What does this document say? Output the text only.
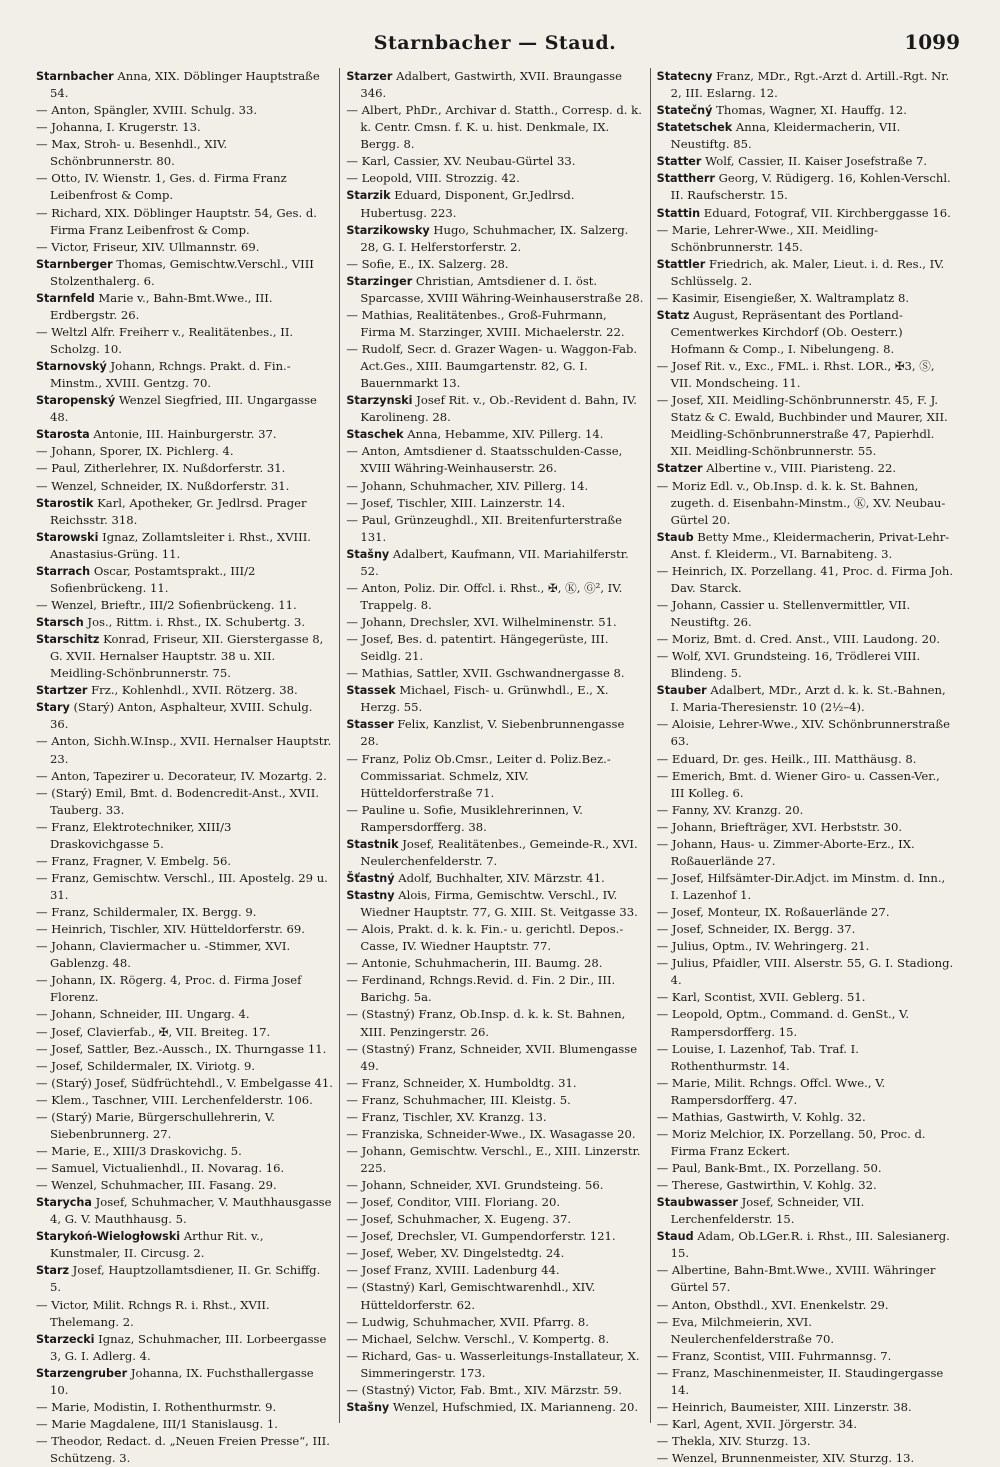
Starnbacher — Staud.	1099
Starnbacher Anna, XIX. Döblinger Hauptstraße 54.
— Anton, Spängler, XVIII. Schulg. 33.
— Johanna, I. Krugerstr. 13.
— Max, Stroh- u. Besenhdl., XIV. Schönbrunnerstr. 80.
— Otto, IV. Wienstr. 1, Ges. d. Firma Franz Leibenfrost & Comp.
— Richard, XIX. Döblinger Hauptstr. 54, Ges. d. Firma Franz Leibenfrost & Comp.
— Victor, Friseur, XIV. Ullmannstr. 69.
Starnberger Thomas, Gemischtw.Verschl., VIII Stolzenthalerg. 6.
Starnfeld Marie v., Bahn-Bmt.Wwe., III. Erdbergstr. 26.
— Weltzl Alfr. Freiherr v., Realitätenbes., II. Scholzg. 10.
Starnovský Johann, Rchngs. Prakt. d. Fin.-Minstm., XVIII. Gentzg. 70.
Staropenský Wenzel Siegfried, III. Ungargasse 48.
Starosta Antonie, III. Hainburgerstr. 37.
— Johann, Sporer, IX. Pichlerg. 4.
— Paul, Zitherlehrer, IX. Nußdorferstr. 31.
— Wenzel, Schneider, IX. Nußdorferstr. 31.
Starostik Karl, Apotheker, Gr. Jedlrsd. Prager Reichsstr. 318.
Starowski Ignaz, Zollamtsleiter i. Rhst., XVIII. Anastasius-Grüng. 11.
Starrach Oscar, Postamtsprakt., III/2 Sofienbrückeng. 11.
— Wenzel, Brieftr., III/2 Sofienbrückeng. 11.
Starsch Jos., Rittm. i. Rhst., IX. Schubertg. 3.
Starschitz Konrad, Friseur, XII. Gierstergasse 8, G. XVII. Hernalser Hauptstr. 38 u. XII. Meidling-Schönbrunnerstr. 75.
Startzer Frz., Kohlenhdl., XVII. Rötzerg. 38.
Stary (Starý) Anton, Asphalteur, XVIII. Schulg. 36.
— Anton, Sichh.W.Insp., XVII. Hernalser Hauptstr. 23.
— Anton, Tapezirer u. Decorateur, IV. Mozartg. 2.
— (Starý) Emil, Bmt. d. Bodencredit-Anst., XVII. Tauberg. 33.
— Franz, Elektrotechniker, XIII/3 Draskovichgasse 5.
— Franz, Fragner, V. Embelg. 56.
— Franz, Gemischtw. Verschl., III. Apostelg. 29 u. 31.
— Franz, Schildermaler, IX. Bergg. 9.
— Heinrich, Tischler, XIV. Hütteldorferstr. 69.
— Johann, Claviermacher u. -Stimmer, XVI. Gablenzg. 48.
— Johann, IX. Rögerg. 4, Proc. d. Firma Josef Florenz.
— Johann, Schneider, III. Ungarg. 4.
— Josef, Clavierfab., ✠, VII. Breiteg. 17.
— Josef, Sattler, Bez.-Aussch., IX. Thurngasse 11.
— Josef, Schildermaler, IX. Viriotg. 9.
— (Starý) Josef, Südfrüchtehdl., V. Embelgasse 41.
— Klem., Taschner, VIII. Lerchenfelderstr. 106.
— (Starý) Marie, Bürgerschullehrerin, V. Siebenbrunnerg. 27.
— Marie, E., XIII/3 Draskovichg. 5.
— Samuel, Victualienhdl., II. Novarag. 16.
— Wenzel, Schuhmacher, III. Fasang. 29.
Starycha Josef, Schuhmacher, V. Mauthhausgasse 4, G. V. Mauthhausg. 5.
Starykoń-Wielogłowski Arthur Rit. v., Kunstmaler, II. Circusg. 2.
Starz Josef, Hauptzollamtsdiener, II. Gr. Schiffg. 5.
— Victor, Milit. Rchngs R. i. Rhst., XVII. Thelemang. 2.
Starzecki Ignaz, Schuhmacher, III. Lorbeergasse 3, G. I. Adlerg. 4.
Starzengruber Johanna, IX. Fuchsthallergasse 10.
— Marie, Modistin, I. Rothenthurmstr. 9.
— Marie Magdalene, III/1 Stanislausg. 1.
— Theodor, Redact. d. „Neuen Freien Presse“, III. Schützeng. 3.
Starzer Adalbert, Gastwirth, XVII. Braungasse 346.
— Albert, PhDr., Archivar d. Statth., Corresp. d. k. k. Centr. Cmsn. f. K. u. hist. Denkmale, IX. Bergg. 8.
— Karl, Cassier, XV. Neubau-Gürtel 33.
— Leopold, VIII. Strozzig. 42.
Starzik Eduard, Disponent, Gr.Jedlrsd. Hubertusg. 223.
Starzikowsky Hugo, Schuhmacher, IX. Salzerg. 28, G. I. Helferstorferstr. 2.
— Sofie, E., IX. Salzerg. 28.
Starzinger Christian, Amtsdiener d. I. öst. Sparcasse, XVIII Währing-Weinhauserstraße 28.
— Mathias, Realitätenbes., Groß-Fuhrmann, Firma M. Starzinger, XVIII. Michaelerstr. 22.
— Rudolf, Secr. d. Grazer Wagen- u. Waggon-Fab. Act.Ges., XIII. Baumgartenstr. 82, G. I. Bauernmarkt 13.
Starzynski Josef Rit. v., Ob.-Revident d. Bahn, IV. Karolineng. 28.
Staschek Anna, Hebamme, XIV. Pillerg. 14.
— Anton, Amtsdiener d. Staatsschulden-Casse, XVIII Währing-Weinhauserstr. 26.
— Johann, Schuhmacher, XIV. Pillerg. 14.
— Josef, Tischler, XIII. Lainzerstr. 14.
— Paul, Grünzeughdl., XII. Breitenfurterstraße 131.
Stašny Adalbert, Kaufmann, VII. Mariahilferstr. 52.
— Anton, Poliz. Dir. Offcl. i. Rhst., ✠, Ⓚ, Ⓖ², IV. Trappelg. 8.
— Johann, Drechsler, XVI. Wilhelminenstr. 51.
— Josef, Bes. d. patentirt. Hängegerüste, III. Seidlg. 21.
— Mathias, Sattler, XVII. Gschwandnergasse 8.
Stassek Michael, Fisch- u. Grünwhdl., E., X. Herzg. 55.
Stasser Felix, Kanzlist, V. Siebenbrunnengasse 28.
— Franz, Poliz Ob.Cmsr., Leiter d. Poliz.Bez.-Commissariat. Schmelz, XIV. Hütteldorferstraße 71.
— Pauline u. Sofie, Musiklehrerinnen, V. Rampersdorfferg. 38.
Stastnik Josef, Realitätenbes., Gemeinde-R., XVI. Neulerchenfelderstr. 7.
Šťastný Adolf, Buchhalter, XIV. Märzstr. 41.
Stastny Alois, Firma, Gemischtw. Verschl., IV. Wiedner Hauptstr. 77, G. XIII. St. Veitgasse 33.
— Alois, Prakt. d. k. k. Fin.- u. gerichtl. Depos.-Casse, IV. Wiedner Hauptstr. 77.
— Antonie, Schuhmacherin, III. Baumg. 28.
— Ferdinand, Rchngs.Revid. d. Fin. 2 Dir., III. Barichg. 5a.
— (Stastný) Franz, Ob.Insp. d. k. k. St. Bahnen, XIII. Penzingerstr. 26.
— (Stastný) Franz, Schneider, XVII. Blumengasse 49.
— Franz, Schneider, X. Humboldtg. 31.
— Franz, Schuhmacher, III. Kleistg. 5.
— Franz, Tischler, XV. Kranzg. 13.
— Franziska, Schneider-Wwe., IX. Wasagasse 20.
— Johann, Gemischtw. Verschl., E., XIII. Linzerstr. 225.
— Johann, Schneider, XVI. Grundsteing. 56.
— Josef, Conditor, VIII. Floriang. 20.
— Josef, Schuhmacher, X. Eugeng. 37.
— Josef, Drechsler, VI. Gumpendorferstr. 121.
— Josef, Weber, XV. Dingelstedtg. 24.
— Josef Franz, XVIII. Ladenburg 44.
— (Stastný) Karl, Gemischtwarenhdl., XIV. Hütteldorferstr. 62.
— Ludwig, Schuhmacher, XVII. Pfarrg. 8.
— Michael, Selchw. Verschl., V. Kompertg. 8.
— Richard, Gas- u. Wasserleitungs-Installateur, X. Simmeringerstr. 173.
— (Stastný) Victor, Fab. Bmt., XIV. Märzstr. 59.
Stašny Wenzel, Hufschmied, IX. Marianneng. 20.
Statecny Franz, MDr., Rgt.-Arzt d. Artill.-Rgt. Nr. 2, III. Eslarng. 12.
Statečný Thomas, Wagner, XI. Hauffg. 12.
Statetschek Anna, Kleidermacherin, VII. Neustiftg. 85.
Statter Wolf, Cassier, II. Kaiser Josefstraße 7.
Stattherr Georg, V. Rüdigerg. 16, Kohlen-Verschl. II. Raufscherstr. 15.
Stattin Eduard, Fotograf, VII. Kirchberggasse 16.
— Marie, Lehrer-Wwe., XII. Meidling-Schönbrunnerstr. 145.
Stattler Friedrich, ak. Maler, Lieut. i. d. Res., IV. Schlüsselg. 2.
— Kasimir, Eisengießer, X. Waltramplatz 8.
Statz August, Repräsentant des Portland-Cementwerkes Kirchdorf (Ob. Oesterr.) Hofmann & Comp., I. Nibelungeng. 8.
— Josef Rit. v., Exc., FML. i. Rhst. LOR., ✠3, Ⓢ, VII. Mondscheing. 11.
— Josef, XII. Meidling-Schönbrunnerstr. 45, F. J. Statz & C. Ewald, Buchbinder und Maurer, XII. Meidling-Schönbrunnerstraße 47, Papierhdl. XII. Meidling-Schönbrunnerstr. 55.
Statzer Albertine v., VIII. Piaristeng. 22.
— Moriz Edl. v., Ob.Insp. d. k. k. St. Bahnen, zugeth. d. Eisenbahn-Minstm., Ⓚ, XV. Neubau-Gürtel 20.
Staub Betty Mme., Kleidermacherin, Privat-Lehr-Anst. f. Kleiderm., VI. Barnabiteng. 3.
— Heinrich, IX. Porzellang. 41, Proc. d. Firma Joh. Dav. Starck.
— Johann, Cassier u. Stellenvermittler, VII. Neustiftg. 26.
— Moriz, Bmt. d. Cred. Anst., VIII. Laudong. 20.
— Wolf, XVI. Grundsteing. 16, Trödlerei VIII. Blindeng. 5.
Stauber Adalbert, MDr., Arzt d. k. k. St.-Bahnen, I. Maria-Theresienstr. 10 (2½–4).
— Aloisie, Lehrer-Wwe., XIV. Schönbrunnerstraße 63.
— Eduard, Dr. ges. Heilk., III. Matthäusg. 8.
— Emerich, Bmt. d. Wiener Giro- u. Cassen-Ver., III Kolleg. 6.
— Fanny, XV. Kranzg. 20.
— Johann, Briefträger, XVI. Herbststr. 30.
— Johann, Haus- u. Zimmer-Aborte-Erz., IX. Roßauerlände 27.
— Josef, Hilfsämter-Dir.Adjct. im Minstm. d. Inn., I. Lazenhof 1.
— Josef, Monteur, IX. Roßauerlände 27.
— Josef, Schneider, IX. Bergg. 37.
— Julius, Optm., IV. Wehringerg. 21.
— Julius, Pfaidler, VIII. Alserstr. 55, G. I. Stadiong. 4.
— Karl, Scontist, XVII. Geblerg. 51.
— Leopold, Optm., Command. d. GenSt., V. Rampersdorfferg. 15.
— Louise, I. Lazenhof, Tab. Traf. I. Rothenthurmstr. 14.
— Marie, Milit. Rchngs. Offcl. Wwe., V. Rampersdorfferg. 47.
— Mathias, Gastwirth, V. Kohlg. 32.
— Moriz Melchior, IX. Porzellang. 50, Proc. d. Firma Franz Eckert.
— Paul, Bank-Bmt., IX. Porzellang. 50.
— Therese, Gastwirthin, V. Kohlg. 32.
Staubwasser Josef, Schneider, VII. Lerchenfelderstr. 15.
Staud Adam, Ob.LGer.R. i. Rhst., III. Salesianerg. 15.
— Albertine, Bahn-Bmt.Wwe., XVIII. Währinger Gürtel 57.
— Anton, Obsthdl., XVI. Enenkelstr. 29.
— Eva, Milchmeierin, XVI. Neulerchenfelderstraße 70.
— Franz, Scontist, VIII. Fuhrmannsg. 7.
— Franz, Maschinenmeister, II. Staudingergasse 14.
— Heinrich, Baumeister, XIII. Linzerstr. 38.
— Karl, Agent, XVII. Jörgerstr. 34.
— Thekla, XIV. Sturzg. 13.
— Wenzel, Brunnenmeister, XIV. Sturzg. 13.
